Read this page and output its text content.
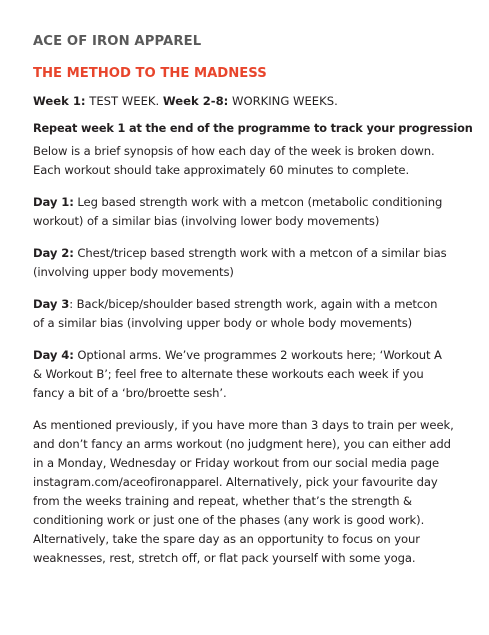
ACE OF IRON APPAREL
THE METHOD TO THE MADNESS
Week 1: TEST WEEK. Week 2-8: WORKING WEEKS.
Repeat week 1 at the end of the programme to track your progression
Below is a brief synopsis of how each day of the week is broken down.
Each workout should take approximately 60 minutes to complete.
Day 1: Leg based strength work with a metcon (metabolic conditioning
workout) of a similar bias (involving lower body movements)
Day 2: Chest/tricep based strength work with a metcon of a similar bias
(involving upper body movements)
Day 3: Back/bicep/shoulder based strength work, again with a metcon
of a similar bias (involving upper body or whole body movements)
Day 4: Optional arms. We’ve programmes 2 workouts here; ‘Workout A
& Workout B’; feel free to alternate these workouts each week if you
fancy a bit of a ‘bro/broette sesh’.
As mentioned previously, if you have more than 3 days to train per week,
and don’t fancy an arms workout (no judgment here), you can either add
in a Monday, Wednesday or Friday workout from our social media page
instagram.com/aceofironapparel. Alternatively, pick your favourite day
from the weeks training and repeat, whether that’s the strength &
conditioning work or just one of the phases (any work is good work).
Alternatively, take the spare day as an opportunity to focus on your
weaknesses, rest, stretch off, or flat pack yourself with some yoga.
